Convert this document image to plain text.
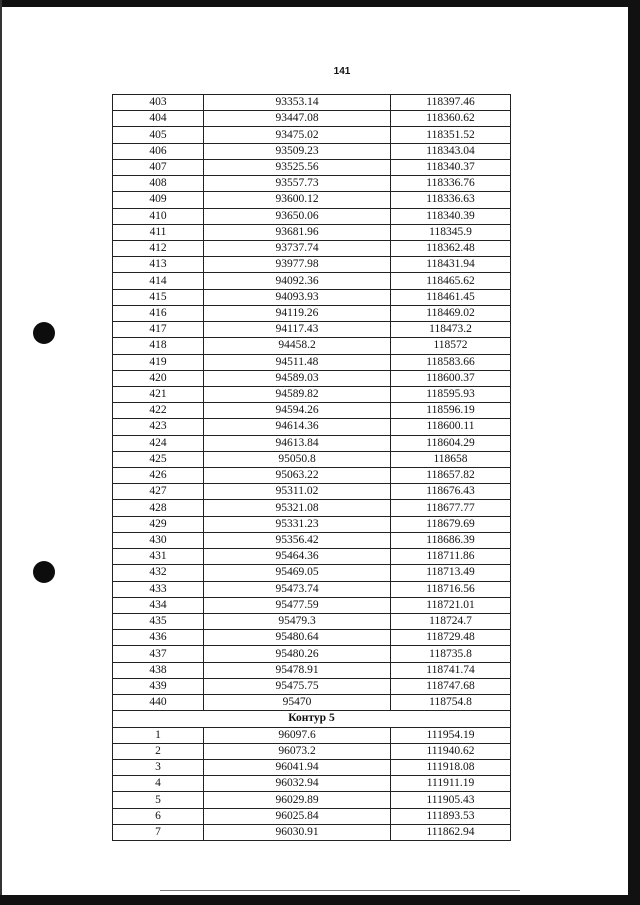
141
403	93353.14	118397.46
404	93447.08	118360.62
405	93475.02	118351.52
406	93509.23	118343.04
407	93525.56	118340.37
408	93557.73	118336.76
409	93600.12	118336.63
410	93650.06	118340.39
411	93681.96	118345.9
412	93737.74	118362.48
413	93977.98	118431.94
414	94092.36	118465.62
415	94093.93	118461.45
416	94119.26	118469.02
417	94117.43	118473.2
418	94458.2	118572
419	94511.48	118583.66
420	94589.03	118600.37
421	94589.82	118595.93
422	94594.26	118596.19
423	94614.36	118600.11
424	94613.84	118604.29
425	95050.8	118658
426	95063.22	118657.82
427	95311.02	118676.43
428	95321.08	118677.77
429	95331.23	118679.69
430	95356.42	118686.39
431	95464.36	118711.86
432	95469.05	118713.49
433	95473.74	118716.56
434	95477.59	118721.01
435	95479.3	118724.7
436	95480.64	118729.48
437	95480.26	118735.8
438	95478.91	118741.74
439	95475.75	118747.68
440	95470	118754.8
Контур 5		
1	96097.6	111954.19
2	96073.2	111940.62
3	96041.94	111918.08
4	96032.94	111911.19
5	96029.89	111905.43
6	96025.84	111893.53
7	96030.91	111862.94
